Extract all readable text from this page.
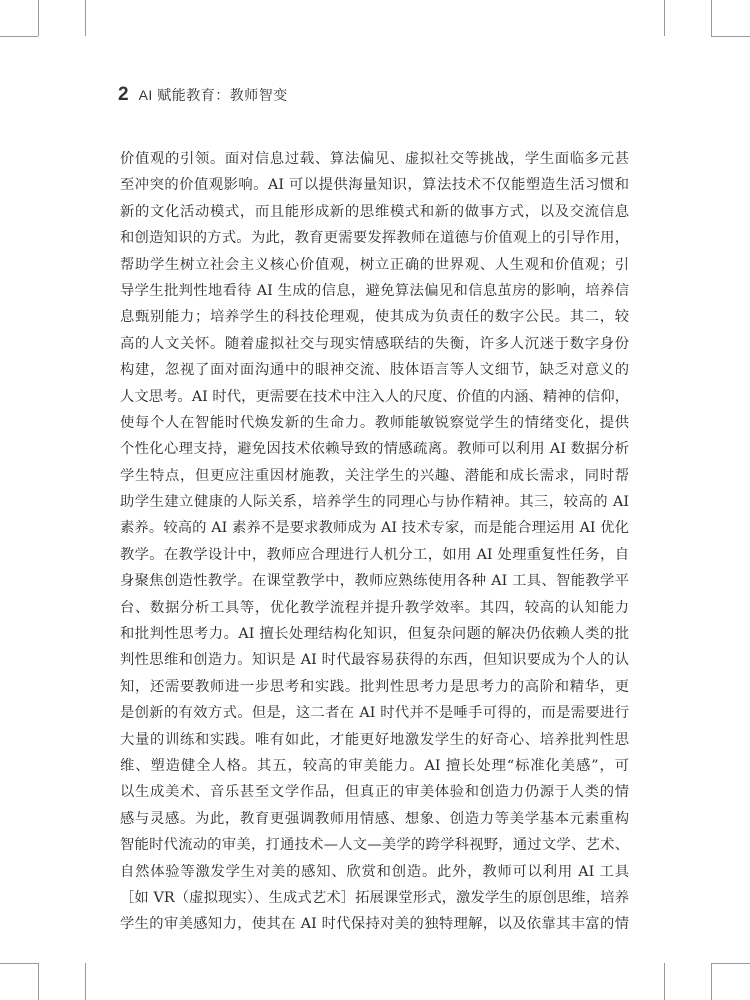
2 AI 赋能教育：教师智变
价值观的引领。面对信息过载、算法偏见、虚拟社交等挑战，学生面临多元甚
至冲突的价值观影响。AI 可以提供海量知识，算法技术不仅能塑造生活习惯和
新的文化活动模式，而且能形成新的思维模式和新的做事方式，以及交流信息
和创造知识的方式。为此，教育更需要发挥教师在道德与价值观上的引导作用，
帮助学生树立社会主义核心价值观，树立正确的世界观、人生观和价值观；引
导学生批判性地看待 AI 生成的信息，避免算法偏见和信息茧房的影响，培养信
息甄别能力；培养学生的科技伦理观，使其成为负责任的数字公民。其二，较
高的人文关怀。随着虚拟社交与现实情感联结的失衡，许多人沉迷于数字身份
构建，忽视了面对面沟通中的眼神交流、肢体语言等人文细节，缺乏对意义的
人文思考。AI 时代，更需要在技术中注入人的尺度、价值的内涵、精神的信仰，
使每个人在智能时代焕发新的生命力。教师能敏锐察觉学生的情绪变化，提供
个性化心理支持，避免因技术依赖导致的情感疏离。教师可以利用 AI 数据分析
学生特点，但更应注重因材施教，关注学生的兴趣、潜能和成长需求，同时帮
助学生建立健康的人际关系，培养学生的同理心与协作精神。其三，较高的 AI
素养。较高的 AI 素养不是要求教师成为 AI 技术专家，而是能合理运用 AI 优化
教学。在教学设计中，教师应合理进行人机分工，如用 AI 处理重复性任务，自
身聚焦创造性教学。在课堂教学中，教师应熟练使用各种 AI 工具、智能教学平
台、数据分析工具等，优化教学流程并提升教学效率。其四，较高的认知能力
和批判性思考力。AI 擅长处理结构化知识，但复杂问题的解决仍依赖人类的批
判性思维和创造力。知识是 AI 时代最容易获得的东西，但知识要成为个人的认
知，还需要教师进一步思考和实践。批判性思考力是思考力的高阶和精华，更
是创新的有效方式。但是，这二者在 AI 时代并不是唾手可得的，而是需要进行
大量的训练和实践。唯有如此，才能更好地激发学生的好奇心、培养批判性思
维、塑造健全人格。其五，较高的审美能力。AI 擅长处理“标准化美感”，可
以生成美术、音乐甚至文学作品，但真正的审美体验和创造力仍源于人类的情
感与灵感。为此，教育更强调教师用情感、想象、创造力等美学基本元素重构
智能时代流动的审美，打通技术—人文—美学的跨学科视野，通过文学、艺术、
自然体验等激发学生对美的感知、欣赏和创造。此外，教师可以利用 AI 工具
［如 VR（虚拟现实）、生成式艺术］拓展课堂形式，激发学生的原创思维，培养
学生的审美感知力，使其在 AI 时代保持对美的独特理解，以及依靠其丰富的情
